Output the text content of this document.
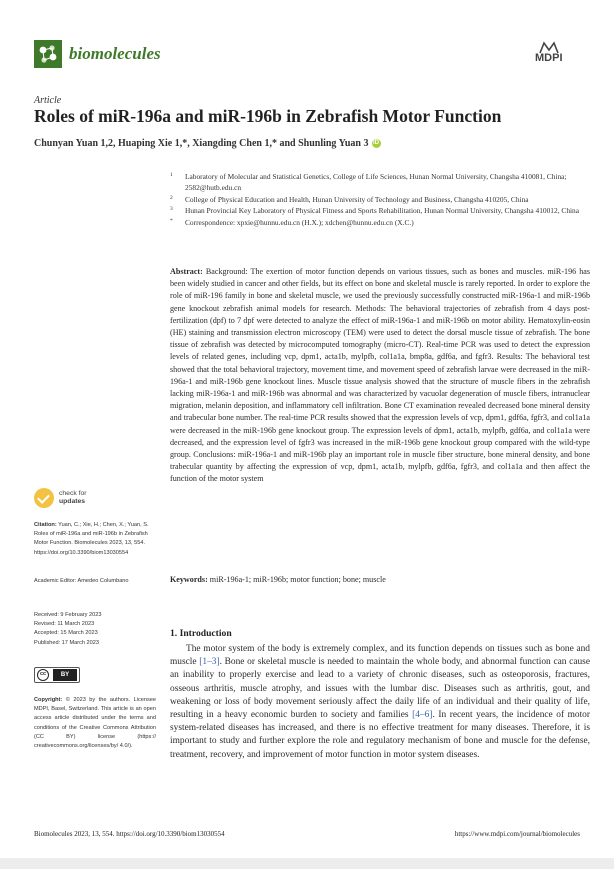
biomolecules	MDPI
Article
Roles of miR-196a and miR-196b in Zebrafish Motor Function
Chunyan Yuan 1,2, Huaping Xie 1,*, Xiangding Chen 1,* and Shunling Yuan 3 iD
1	Laboratory of Molecular and Statistical Genetics, College of Life Sciences, Hunan Normal University, Changsha 410081, China; 2582@hutb.edu.cn
2	College of Physical Education and Health, Hunan University of Technology and Business, Changsha 410205, China
3	Hunan Provincial Key Laboratory of Physical Fitness and Sports Rehabilitation, Hunan Normal University, Changsha 410012, China
*	Correspondence: xpxie@hunnu.edu.cn (H.X.); xdchen@hunnu.edu.cn (X.C.)
Abstract: Background: The exertion of motor function depends on various tissues, such as bones and muscles. miR-196 has been widely studied in cancer and other fields, but its effect on bone and skeletal muscle is rarely reported. In order to explore the role of miR-196 family in bone and skeletal muscle, we used the previously successfully constructed miR-196a-1 and miR-196b gene knockout zebrafish animal models for research. Methods: The behavioral trajectories of zebrafish from 4 days post-fertilization (dpf) to 7 dpf were detected to analyze the effect of miR-196a-1 and miR-196b on motor ability. Hematoxylin-eosin (HE) staining and transmission electron microscopy (TEM) were used to detect the dorsal muscle tissue of zebrafish. The bone tissue of zebrafish was detected by microcomputed tomography (micro-CT). Real-time PCR was used to detect the expression levels of related genes, including vcp, dpm1, acta1b, mylpfb, col1a1a, bmp8a, gdf6a, and fgfr3. Results: The behavioral test showed that the total behavioral trajectory, movement time, and movement speed of zebrafish larvae were decreased in the miR-196a-1 and miR-196b gene knockout lines. Muscle tissue analysis showed that the structure of muscle fibers in the zebrafish lacking miR-196a-1 and miR-196b was abnormal and was characterized by vacuolar degeneration of muscle fibers, intranuclear migration, melanin deposition, and inflammatory cell infiltration. Bone CT examination revealed decreased bone mineral density and trabecular bone number. The real-time PCR results showed that the expression levels of vcp, dpm1, gdf6a, fgfr3, and col1a1a were decreased in the miR-196b gene knockout group. The expression levels of dpm1, acta1b, mylpfb, gdf6a, and col1a1a were decreased, and the expression level of fgfr3 was increased in the miR-196b gene knockout group compared with the wild-type group. Conclusions: miR-196a-1 and miR-196b play an important role in muscle fiber structure, bone mineral density, and bone trabecular quantity by affecting the expression of vcp, dpm1, acta1b, mylpfb, gdf6a, fgfr3, and col1a1a and then affect the function of the motor system
Keywords: miR-196a-1; miR-196b; motor function; bone; muscle
check for
updates
Citation: Yuan, C.; Xie, H.; Chen, X.; Yuan, S. Roles of miR-196a and miR-196b in Zebrafish Motor Function. Biomolecules 2023, 13, 554. https://doi.org/10.3390/biom13030554
Academic Editor: Amedeo Columbano
Received: 9 February 2023
Revised: 11 March 2023
Accepted: 15 March 2023
Published: 17 March 2023
cc	BY
Copyright: © 2023 by the authors. Licensee MDPI, Basel, Switzerland. This article is an open access article distributed under the terms and conditions of the Creative Commons Attribution (CC BY) license (https:// creativecommons.org/licenses/by/ 4.0/).
1. Introduction
The motor system of the body is extremely complex, and its function depends on tissues such as bone and muscle [1–3]. Bone or skeletal muscle is needed to maintain the whole body, and abnormal function can cause an inability to properly exercise and lead to a variety of chronic diseases, such as osteoporosis, fractures, osseous arthritis, muscle atrophy, and issues with the lumbar disc. Diseases such as arthritis, gout, and weakening or loss of body movement seriously affect the daily life of an individual and their quality of life, resulting in a heavy economic burden to society and families [4–6]. In recent years, the incidence of motor system-related diseases has increased, and there is no effective treatment for many diseases. Therefore, it is important to study and further explore the role and regulatory mechanism of bone and muscle for the defense, treatment, recovery, and improvement of motor function in motor system diseases.
Biomolecules 2023, 13, 554. https://doi.org/10.3390/biom13030554	https://www.mdpi.com/journal/biomolecules
